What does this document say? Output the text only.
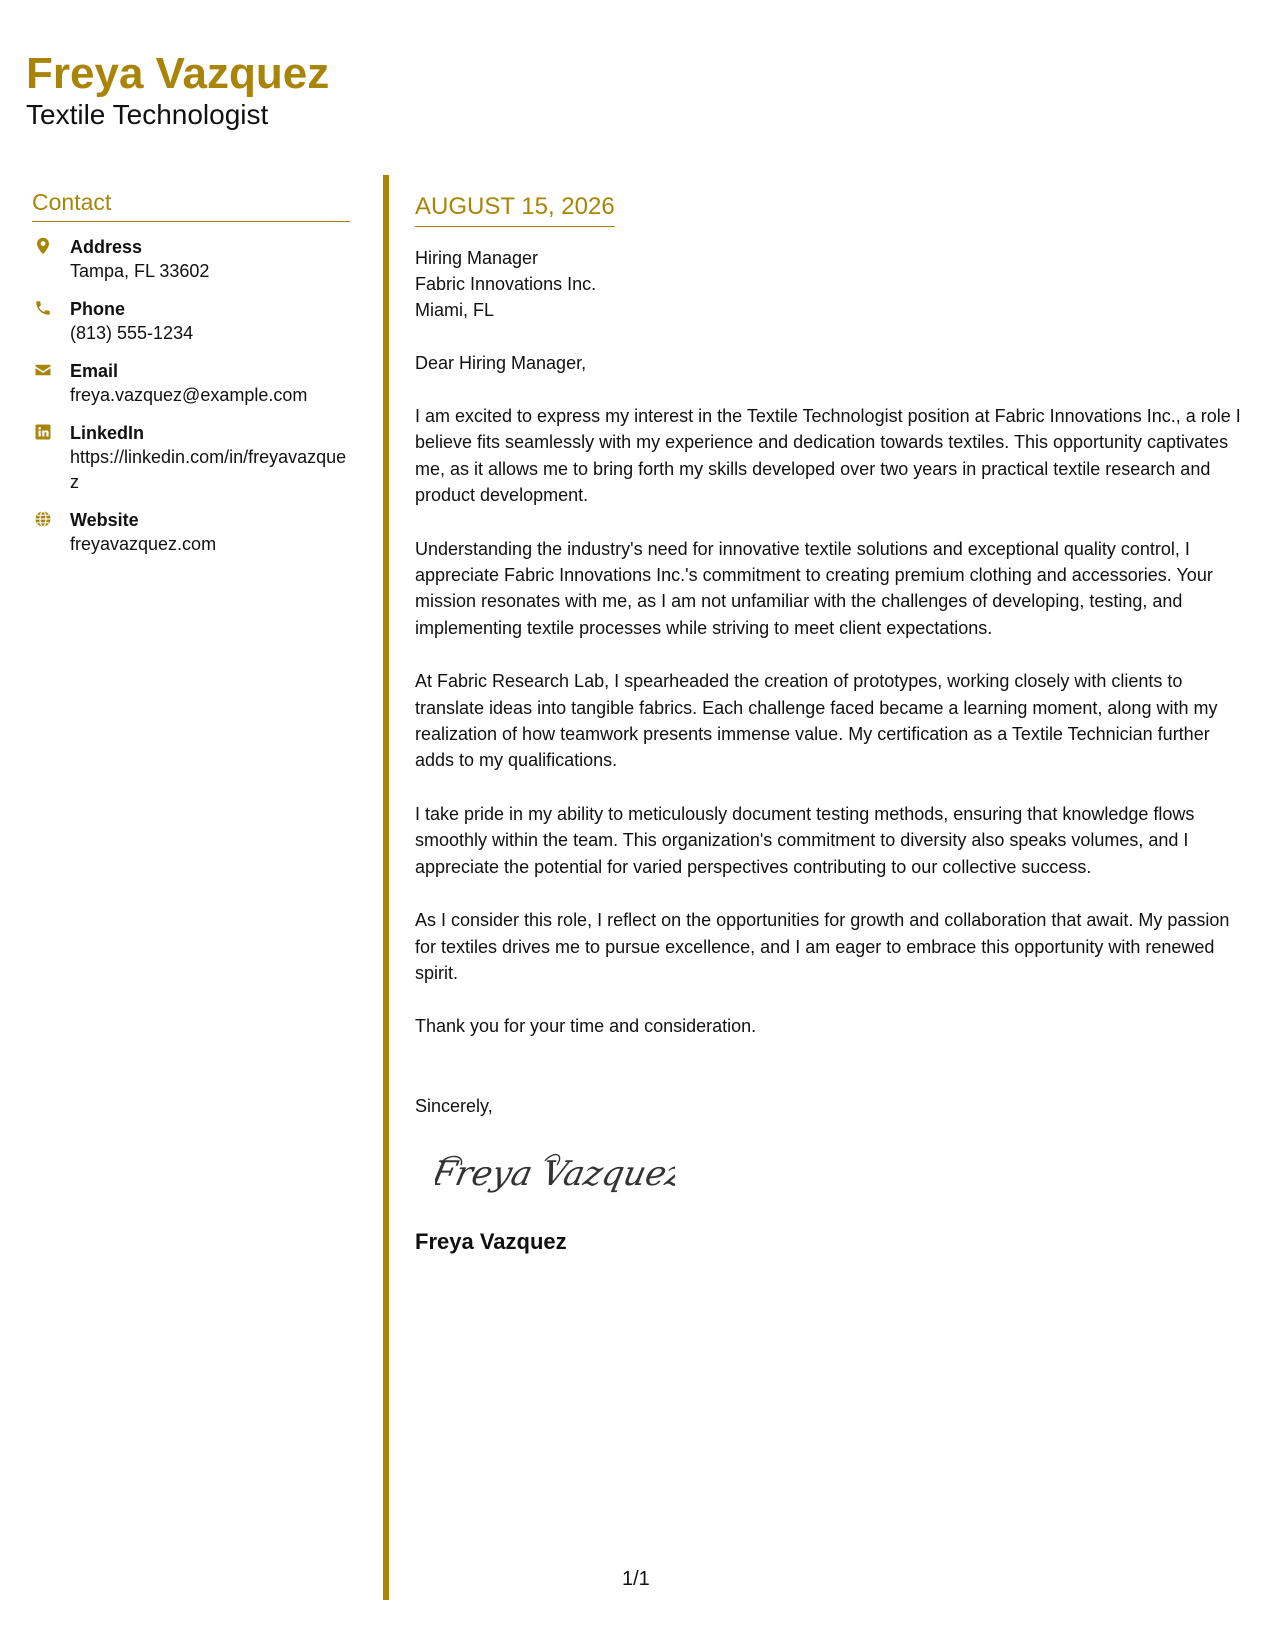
Freya Vazquez
Textile Technologist
Contact
Address
Tampa, FL 33602
Phone
(813) 555-1234
Email
freya.vazquez@example.com
LinkedIn
https://linkedin.com/in/freyavazquez
Website
freyavazquez.com
AUGUST 15, 2026
Hiring Manager
Fabric Innovations Inc.
Miami, FL
Dear Hiring Manager,

I am excited to express my interest in the Textile Technologist position at Fabric Innovations Inc., a role I believe fits seamlessly with my experience and dedication towards textiles. This opportunity captivates me, as it allows me to bring forth my skills developed over two years in practical textile research and product development.

Understanding the industry's need for innovative textile solutions and exceptional quality control, I appreciate Fabric Innovations Inc.'s commitment to creating premium clothing and accessories. Your mission resonates with me, as I am not unfamiliar with the challenges of developing, testing, and implementing textile processes while striving to meet client expectations.

At Fabric Research Lab, I spearheaded the creation of prototypes, working closely with clients to translate ideas into tangible fabrics. Each challenge faced became a learning moment, along with my realization of how teamwork presents immense value. My certification as a Textile Technician further adds to my qualifications.

I take pride in my ability to meticulously document testing methods, ensuring that knowledge flows smoothly within the team. This organization's commitment to diversity also speaks volumes, and I appreciate the potential for varied perspectives contributing to our collective success.

As I consider this role, I reflect on the opportunities for growth and collaboration that await. My passion for textiles drives me to pursue excellence, and I am eager to embrace this opportunity with renewed spirit.

Thank you for your time and consideration.

Sincerely,
Freya Vazquez
Freya Vazquez
1/1
